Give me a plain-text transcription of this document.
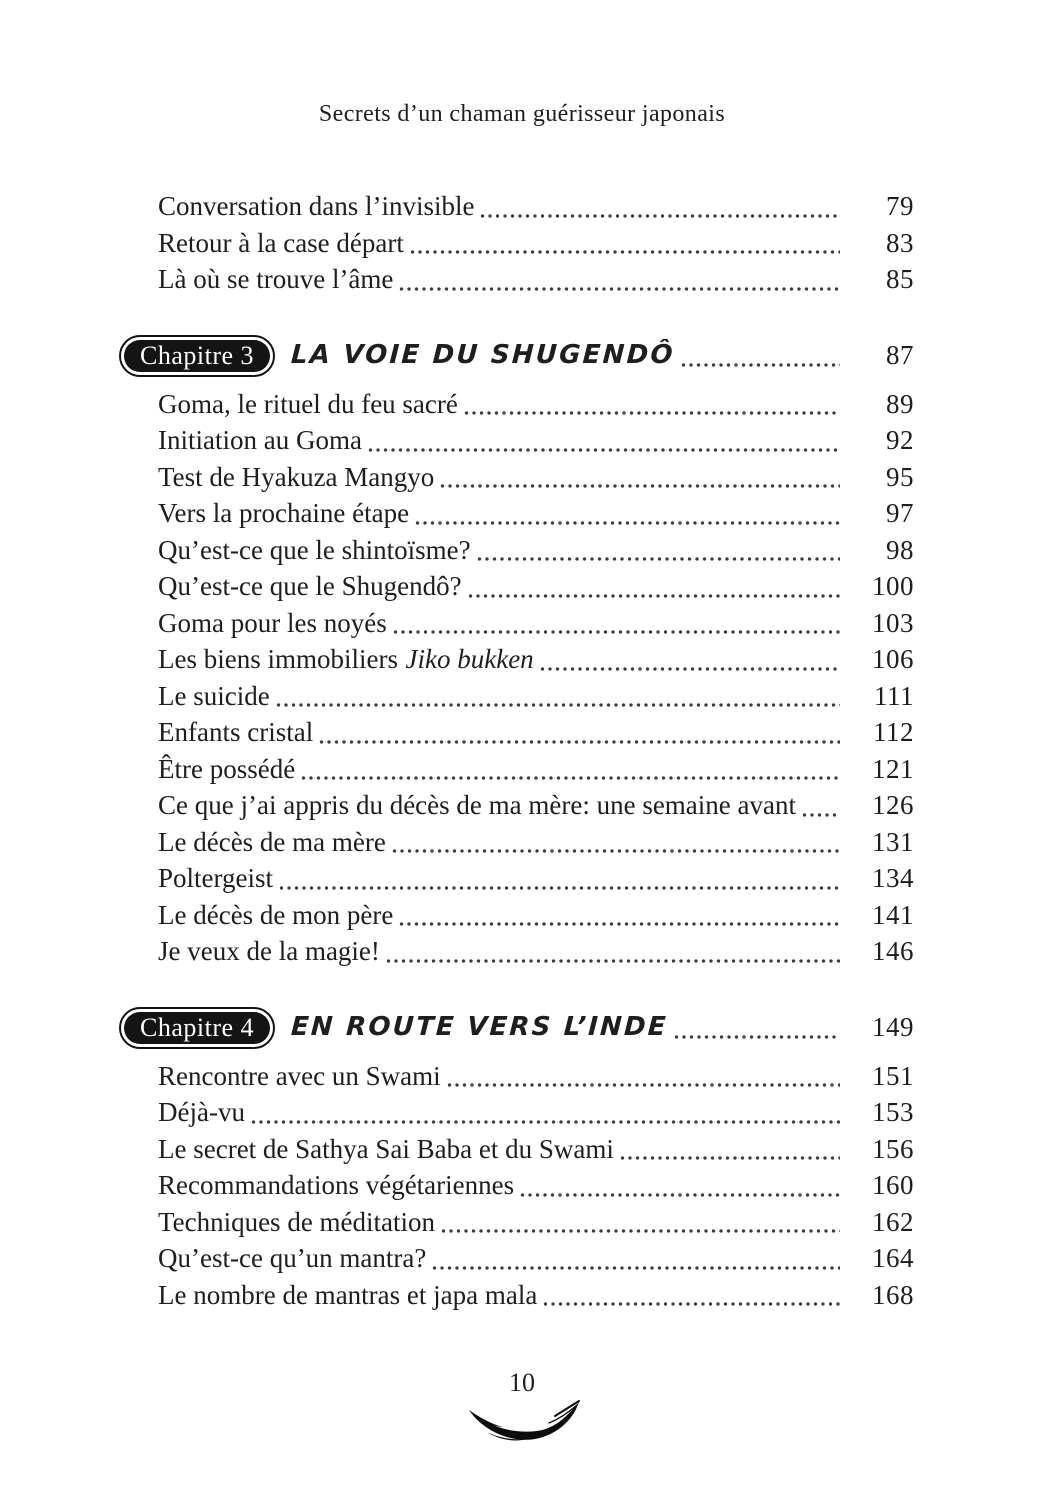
Secrets d’un chaman guérisseur japonais
Conversation dans l’invisible	79
Retour à la case départ	83
Là où se trouve l’âme	85
Chapitre 3	LA VOIE DU SHUGENDÔ	87
Goma, le rituel du feu sacré	89
Initiation au Goma	92
Test de Hyakuza Mangyo	95
Vers la prochaine étape	97
Qu’est-ce que le shintoïsme?	98
Qu’est-ce que le Shugendô?	100
Goma pour les noyés	103
Les biens immobiliers Jiko bukken	106
Le suicide	111
Enfants cristal	112
Être possédé	121
Ce que j’ai appris du décès de ma mère: une semaine avant	126
Le décès de ma mère	131
Poltergeist	134
Le décès de mon père	141
Je veux de la magie!	146
Chapitre 4	EN ROUTE VERS L’INDE	149
Rencontre avec un Swami	151
Déjà-vu	153
Le secret de Sathya Sai Baba et du Swami	156
Recommandations végétariennes	160
Techniques de méditation	162
Qu’est-ce qu’un mantra?	164
Le nombre de mantras et japa mala	168
10
